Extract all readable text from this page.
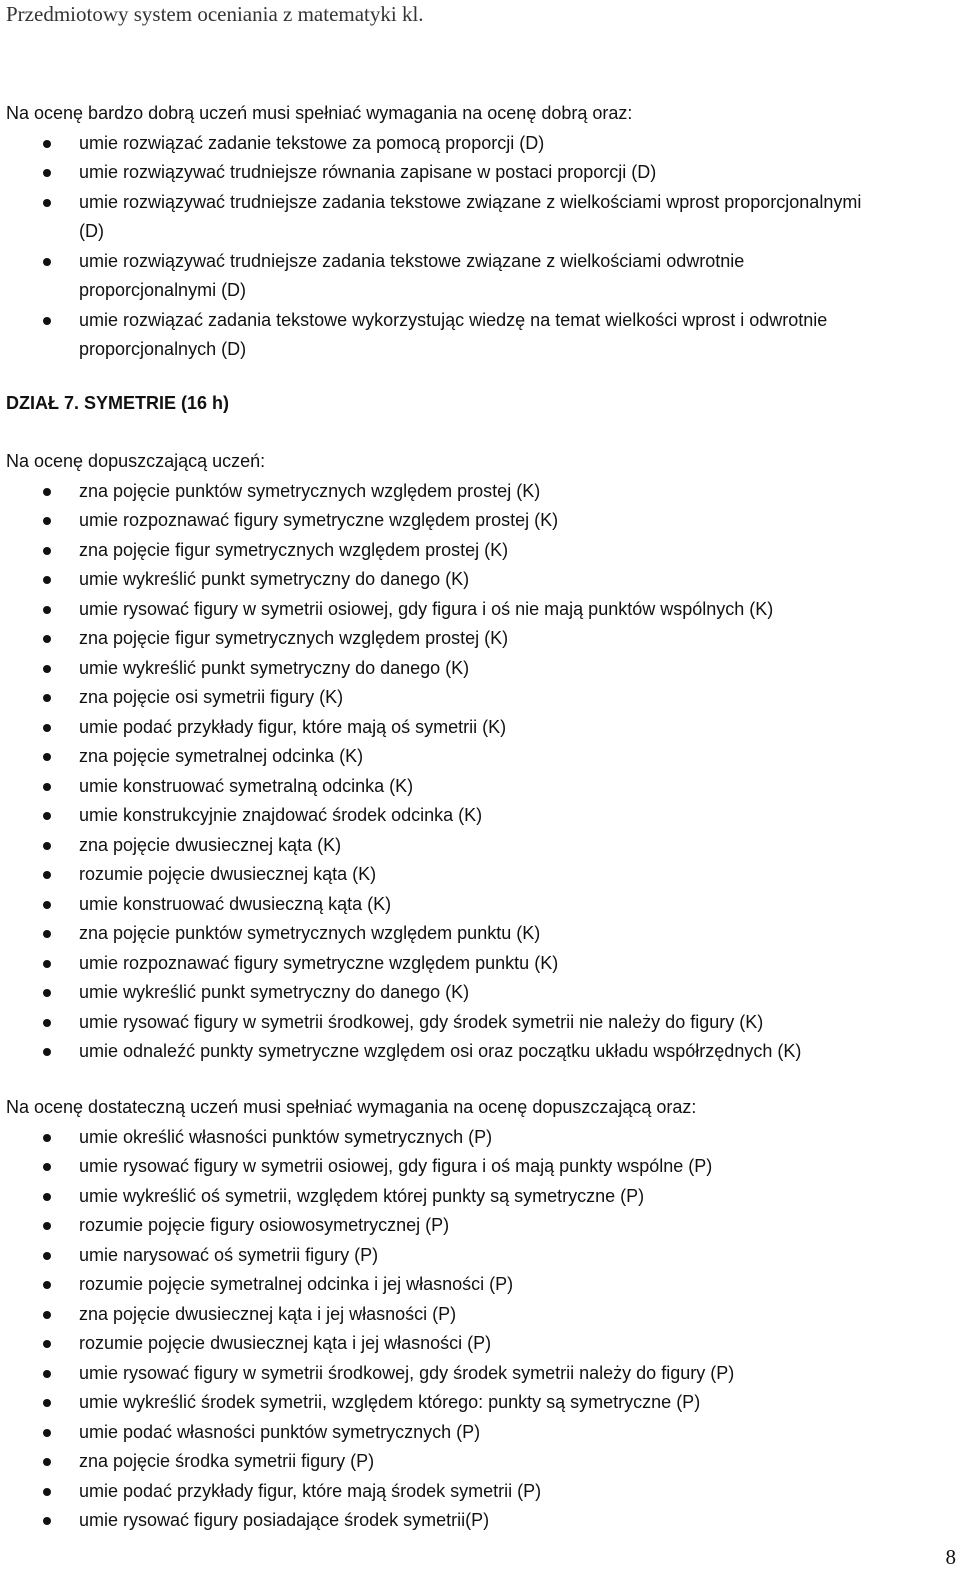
Przedmiotowy system oceniania z matematyki kl.

Na ocenę bardzo dobrą uczeń musi spełniać wymagania na ocenę dobrą oraz:

umie rozwiązać zadanie tekstowe za pomocą proporcji (D)
umie rozwiązywać trudniejsze równania zapisane w postaci proporcji (D)
umie rozwiązywać trudniejsze zadania tekstowe związane z wielkościami wprost proporcjonalnymi (D)
umie rozwiązywać trudniejsze zadania tekstowe związane z wielkościami odwrotnie proporcjonalnymi (D)
umie rozwiązać zadania tekstowe wykorzystując wiedzę na temat wielkości wprost i odwrotnie proporcjonalnych (D)

DZIAŁ 7. SYMETRIE (16 h)

Na ocenę dopuszczającą uczeń:

zna pojęcie punktów symetrycznych względem prostej (K)
umie rozpoznawać figury symetryczne względem prostej (K)
zna pojęcie figur symetrycznych względem prostej (K)
umie wykreślić punkt symetryczny do danego (K)
umie rysować figury w symetrii osiowej, gdy figura i oś nie mają punktów wspólnych (K)
zna pojęcie figur symetrycznych względem prostej (K)
umie wykreślić punkt symetryczny do danego (K)
zna pojęcie osi symetrii figury (K)
umie podać przykłady figur, które mają oś symetrii (K)
zna pojęcie symetralnej odcinka (K)
umie konstruować symetralną odcinka (K)
umie konstrukcyjnie znajdować środek odcinka (K)
zna pojęcie dwusiecznej kąta (K)
rozumie pojęcie dwusiecznej kąta (K)
umie konstruować dwusieczną kąta (K)
zna pojęcie punktów symetrycznych względem punktu (K)
umie rozpoznawać figury symetryczne względem punktu (K)
umie wykreślić punkt symetryczny do danego (K)
umie rysować figury w symetrii środkowej, gdy środek symetrii nie należy do figury (K)
umie odnaleźć punkty symetryczne względem osi oraz początku układu współrzędnych (K)

Na ocenę dostateczną uczeń musi spełniać wymagania na ocenę dopuszczającą oraz:

umie określić własności punktów symetrycznych (P)
umie rysować figury w symetrii osiowej, gdy figura i oś mają punkty wspólne (P)
umie wykreślić oś symetrii, względem której punkty są symetryczne (P)
rozumie pojęcie figury osiowosymetrycznej (P)
umie narysować oś symetrii figury (P)
rozumie pojęcie symetralnej odcinka i jej własności (P)
zna pojęcie dwusiecznej kąta i jej własności (P)
rozumie pojęcie dwusiecznej kąta i jej własności (P)
umie rysować figury w symetrii środkowej, gdy środek symetrii należy do figury (P)
umie wykreślić środek symetrii, względem którego: punkty są symetryczne (P)
umie podać własności punktów symetrycznych (P)
zna pojęcie środka symetrii figury (P)
umie podać przykłady figur, które mają środek symetrii (P)
umie rysować figury posiadające środek symetrii(P)
8
